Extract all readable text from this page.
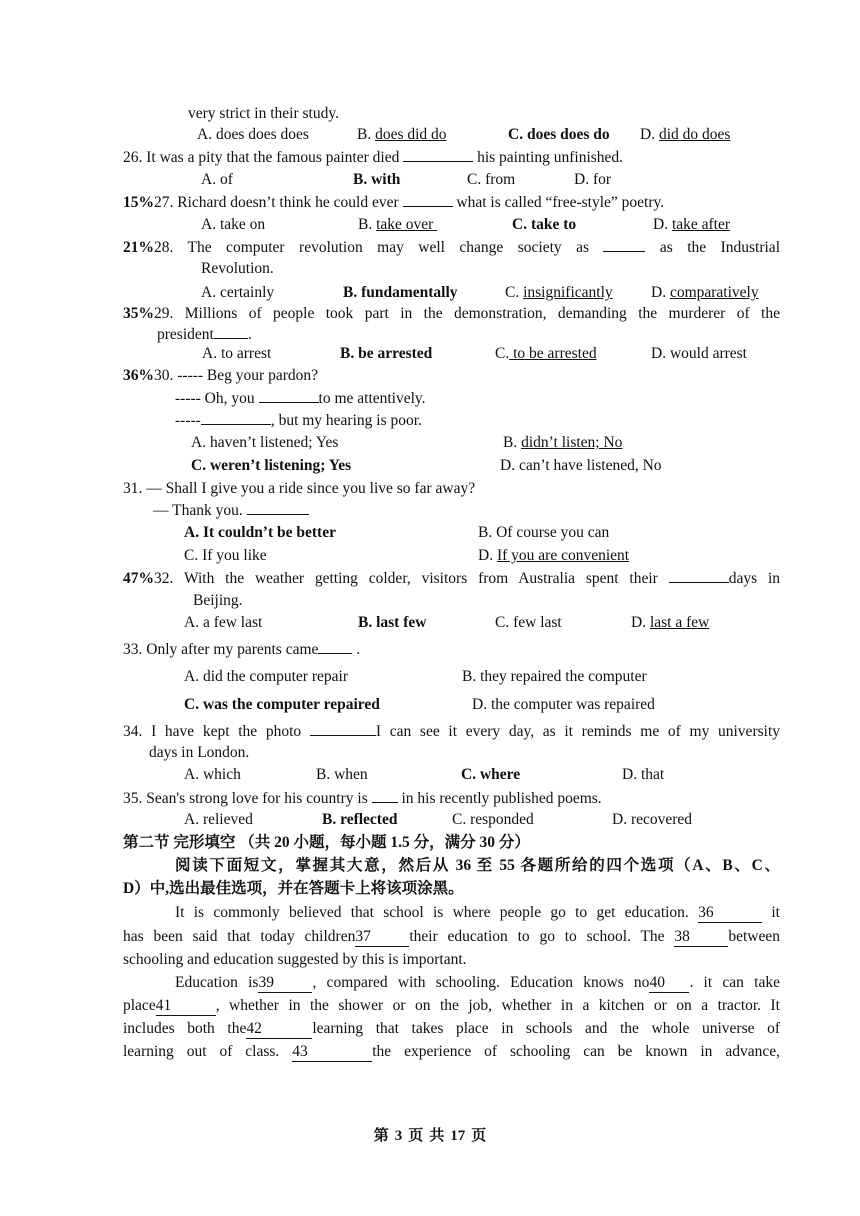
very strict in their study.
A. does does does	B. does did do	C. does does do D. did do does
26. It was a pity that the famous painter died	his painting unfinished.
A. of	B. with	C. from	D. for
15%27. Richard doesn’t think he could ever	what is called “free-style” poetry.
A. take on	B. take over	C. take to	D. take after
21%28. The computer revolution may well change society as	as the Industrial
Revolution.
A. certainly	B. fundamentally	C. insignificantly D. comparatively
35%29. Millions of people took part in the demonstration, demanding the murderer of the
president .
A. to arrest	B. be arrested	C. to be arrested	D. would arrest
36%30. ----- Beg your pardon?
----- Oh, you	to me attentively.
-----	, but my hearing is poor.
A. haven’t listened; Yes	B. didn’t listen; No
C. weren’t listening; Yes	D. can’t have listened, No
31. — Shall I give you a ride since you live so far away?
— Thank you.
A. It couldn’t be better	B. Of course you can
C. If you like	D. If you are convenient
47%32. With the weather getting colder, visitors from Australia spent their	days in
Beijing.
A. a few last	B. last few	C. few last	D. last a few
33. Only after my parents came .
A. did the computer repair	B. they repaired the computer
C. was the computer repaired	D. the computer was repaired
34. I have kept the photo	I can see it every day, as it reminds me of my university
days in London.
A. which	B. when	C. where	D. that
35. Sean's strong love for his country is  in his recently published poems.
A. relieved	B. reflected	C. responded	D. recovered
第二节 完形填空 （共 20 小题，每小题 1.5 分，满分 30 分）
阅读下面短文，掌握其大意，然后从 36 至 55 各题所给的四个选项（A、B、C、
D）中,选出最佳选项，并在答题卡上将该项涂黑。
It is commonly believed that school is where people go to get education. 36	it
has been said that today children37 their education to go to school. The 38 between
schooling and education suggested by this is important.
Education is39 , compared with schooling. Education knows no40 . it can take
place41	, whether in the shower or on the job, whether in a kitchen or on a tractor. It
includes both the42	learning that takes place in schools and the whole universe of
learning out of class. 43	the experience of schooling can be known in advance,
第 3 页 共 17 页
